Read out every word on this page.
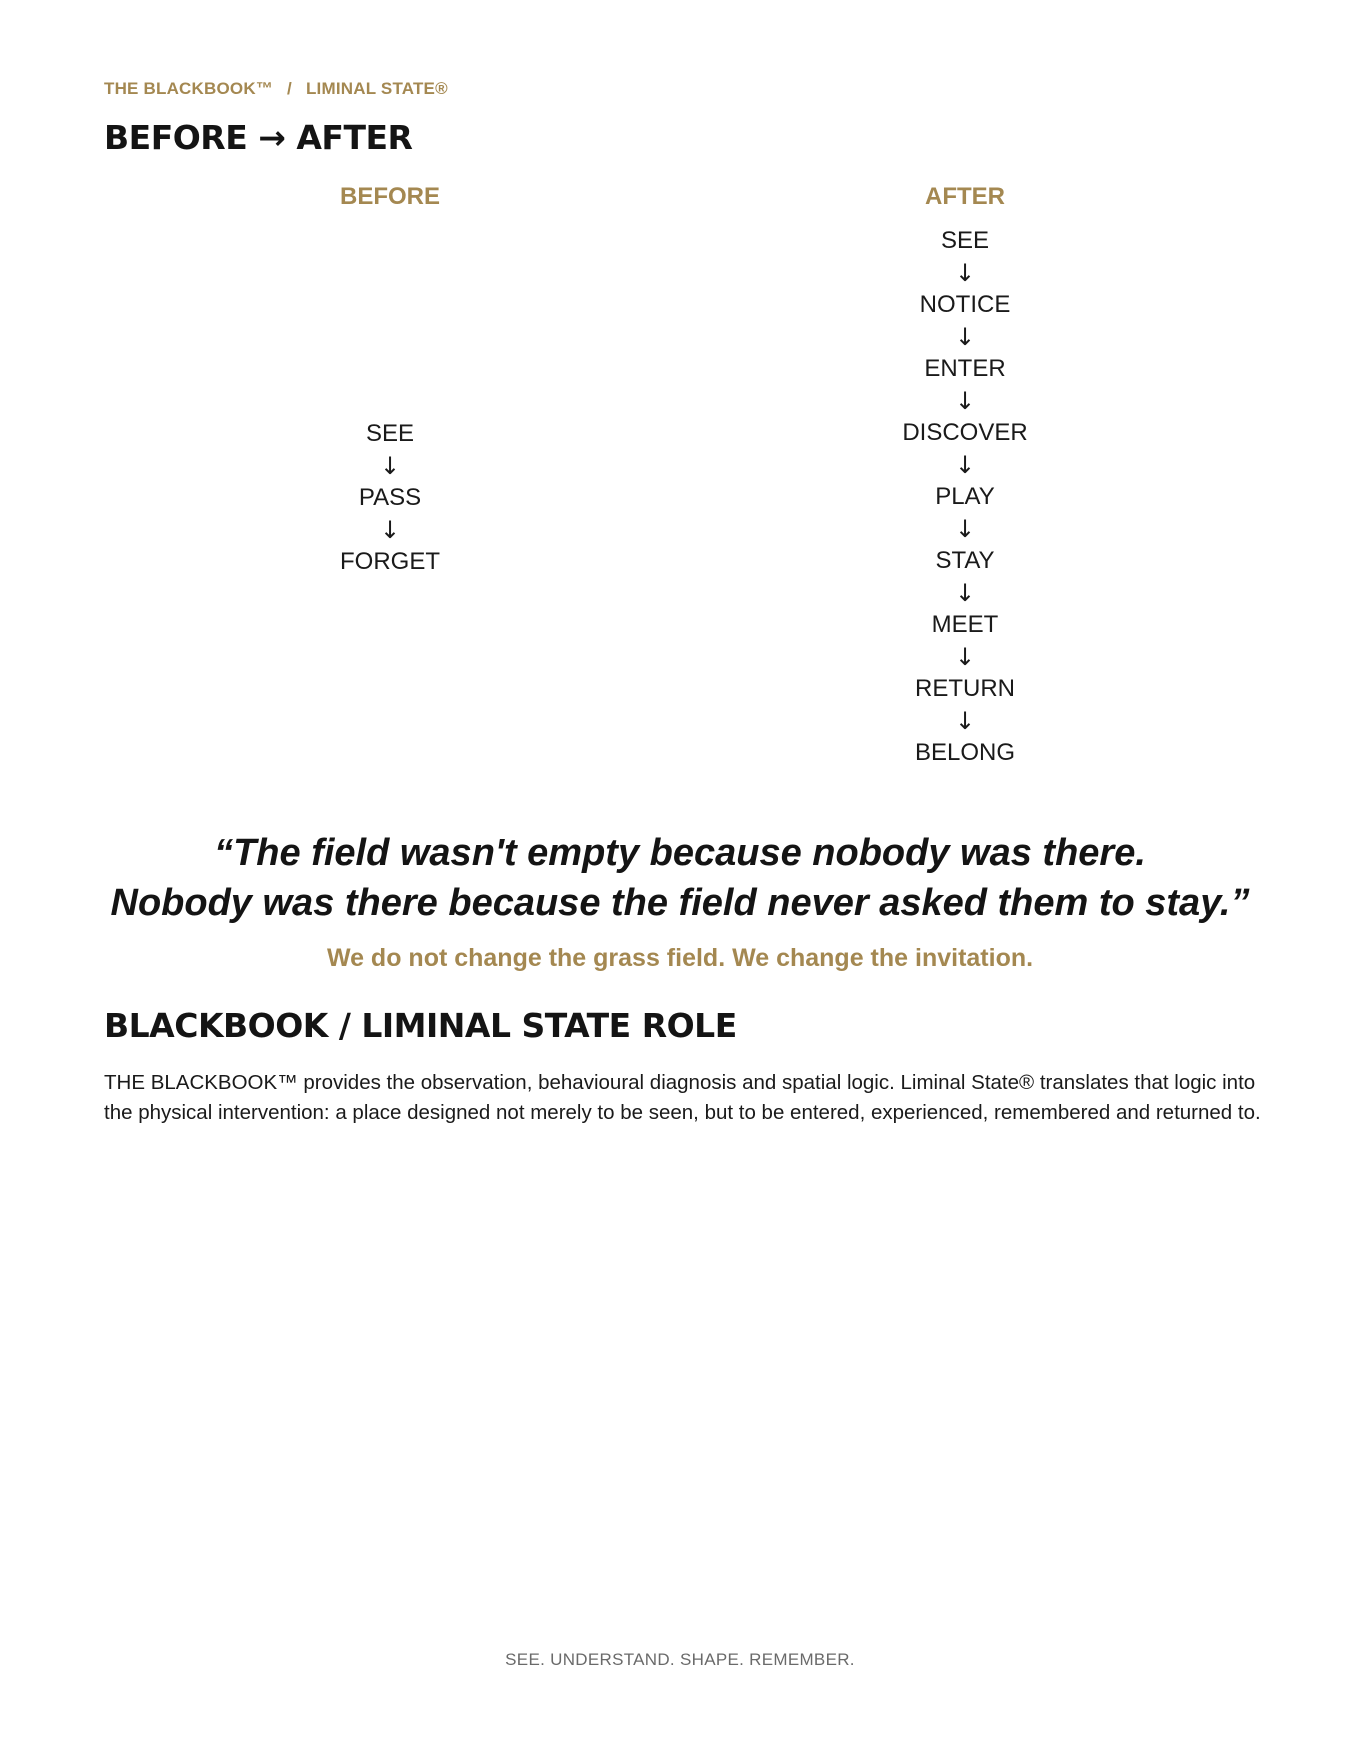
THE BLACKBOOK™ / LIMINAL STATE®
BEFORE → AFTER
BEFORE
SEE
↓
PASS
↓
FORGET
AFTER
SEE
↓
NOTICE
↓
ENTER
↓
DISCOVER
↓
PLAY
↓
STAY
↓
MEET
↓
RETURN
↓
BELONG
“The field wasn't empty because nobody was there.
Nobody was there because the field never asked them to stay.”
We do not change the grass field. We change the invitation.
BLACKBOOK / LIMINAL STATE ROLE
THE BLACKBOOK™ provides the observation, behavioural diagnosis and spatial logic. Liminal State® translates that logic into the physical intervention: a place designed not merely to be seen, but to be entered, experienced, remembered and returned to.
SEE. UNDERSTAND. SHAPE. REMEMBER.
